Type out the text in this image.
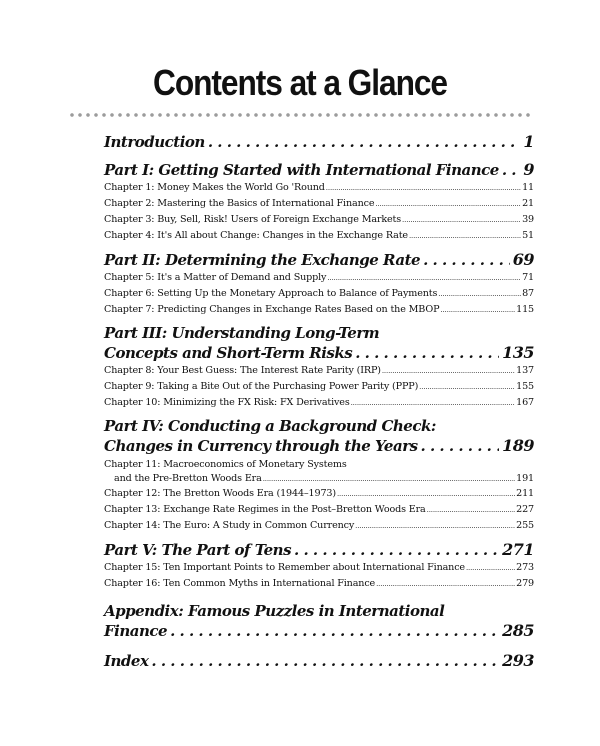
Contents at a Glance
Introduction . . .	1
Part I: Getting Started with International Finance . . . 9
Chapter 1: Money Makes the World Go 'Round .....	11
Chapter 2: Mastering the Basics of International Finance .....	21
Chapter 3: Buy, Sell, Risk! Users of Foreign Exchange Markets .....	39
Chapter 4: It's All about Change: Changes in the Exchange Rate .....	51
Part II: Determining the Exchange Rate . . .	69
Chapter 5: It's a Matter of Demand and Supply .....	71
Chapter 6: Setting Up the Monetary Approach to Balance of Payments .....	87
Chapter 7: Predicting Changes in Exchange Rates Based on the MBOP .....	115
Part III: Understanding Long-Term
Concepts and Short-Term Risks . . .	135
Chapter 8: Your Best Guess: The Interest Rate Parity (IRP) .....	137
Chapter 9: Taking a Bite Out of the Purchasing Power Parity (PPP) .....	155
Chapter 10: Minimizing the FX Risk: FX Derivatives .....	167
Part IV: Conducting a Background Check:
Changes in Currency through the Years . . .	189
Chapter 11: Macroeconomics of Monetary Systems
and the Pre-Bretton Woods Era .....	191
Chapter 12: The Bretton Woods Era (1944–1973) .....	211
Chapter 13: Exchange Rate Regimes in the Post–Bretton Woods Era .....	227
Chapter 14: The Euro: A Study in Common Currency .....	255
Part V: The Part of Tens . . .	271
Chapter 15: Ten Important Points to Remember about International Finance .....	273
Chapter 16: Ten Common Myths in International Finance .....	279
Appendix: Famous Puzzles in International
Finance . . .	285
Index . . .	293
